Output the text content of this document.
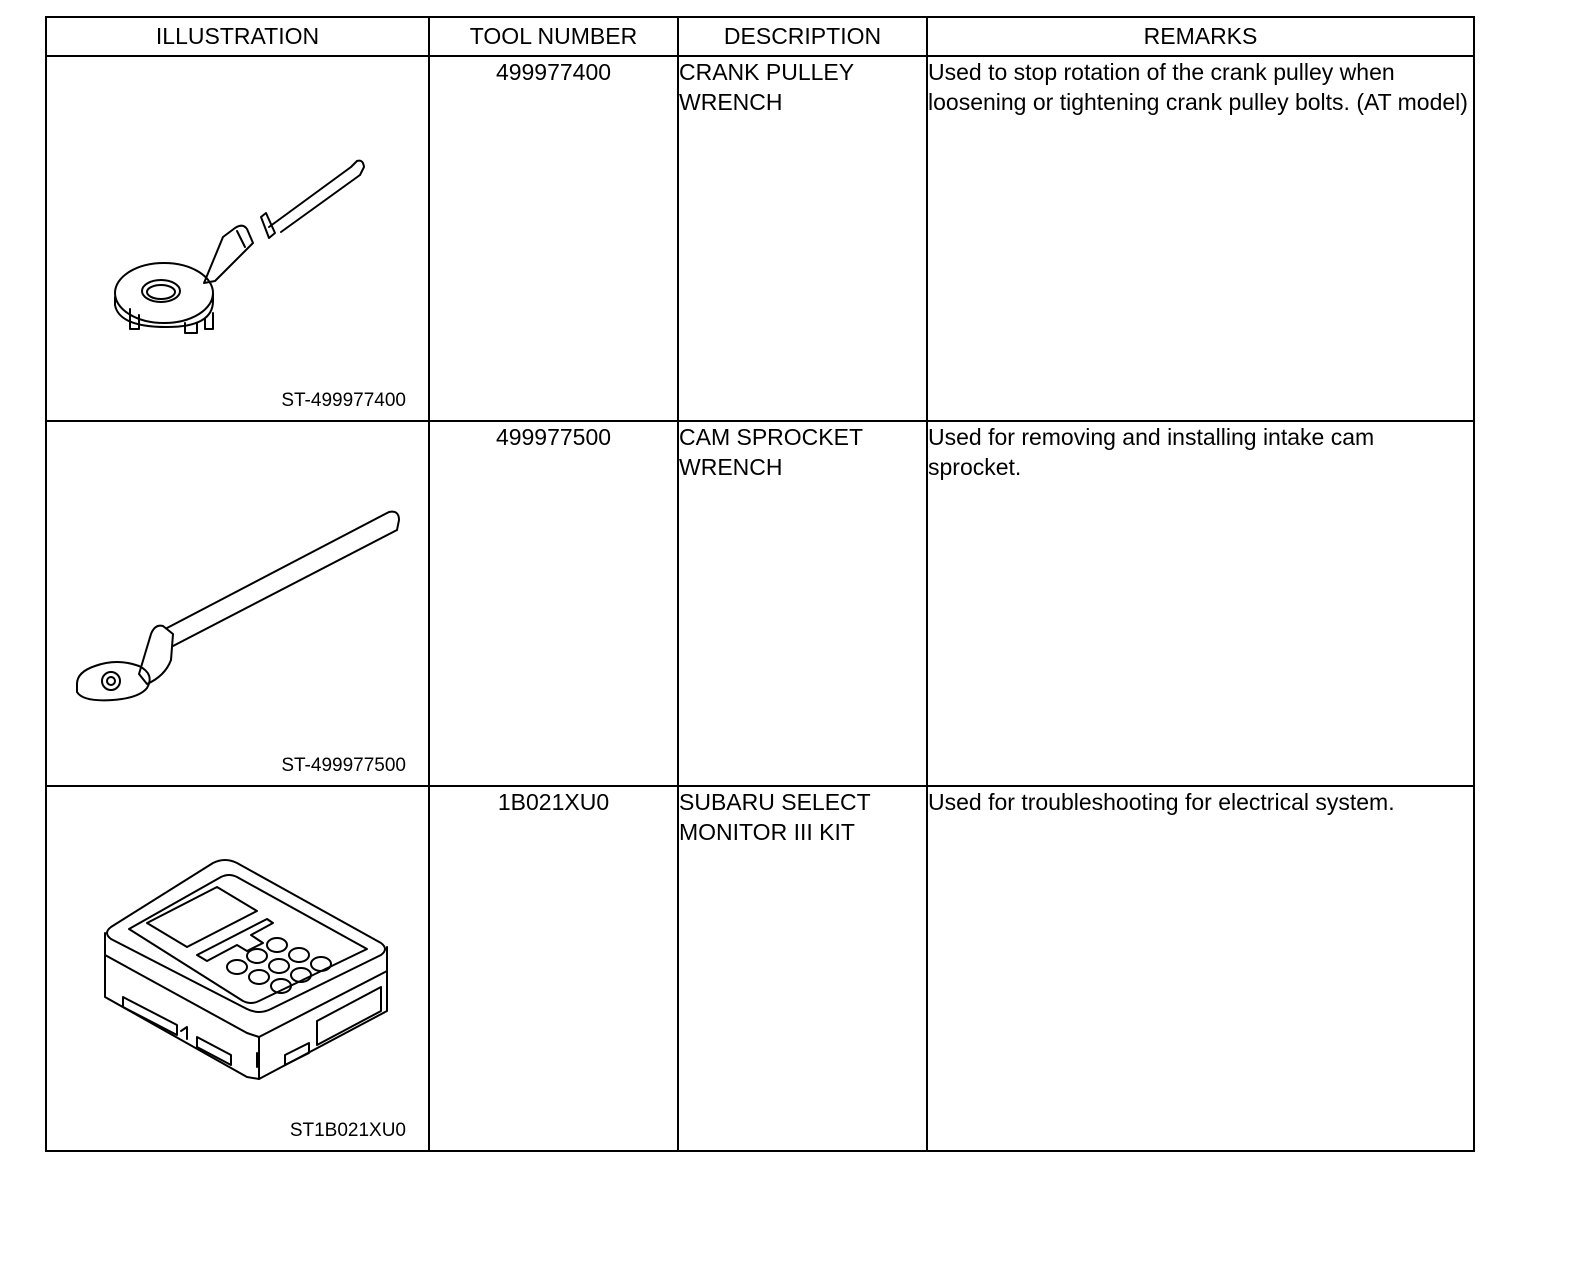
ILLUSTRATION	TOOL NUMBER	DESCRIPTION	REMARKS

ST-499977400	499977400	CRANK PULLEY WRENCH	Used to stop rotation of the crank pulley when loosening or tightening crank pulley bolts. (AT model)

ST-499977500	499977500	CAM SPROCKET WRENCH	Used for removing and installing intake cam sprocket.

ST1B021XU0	1B021XU0	SUBARU SELECT MONITOR III KIT	Used for troubleshooting for electrical system.
